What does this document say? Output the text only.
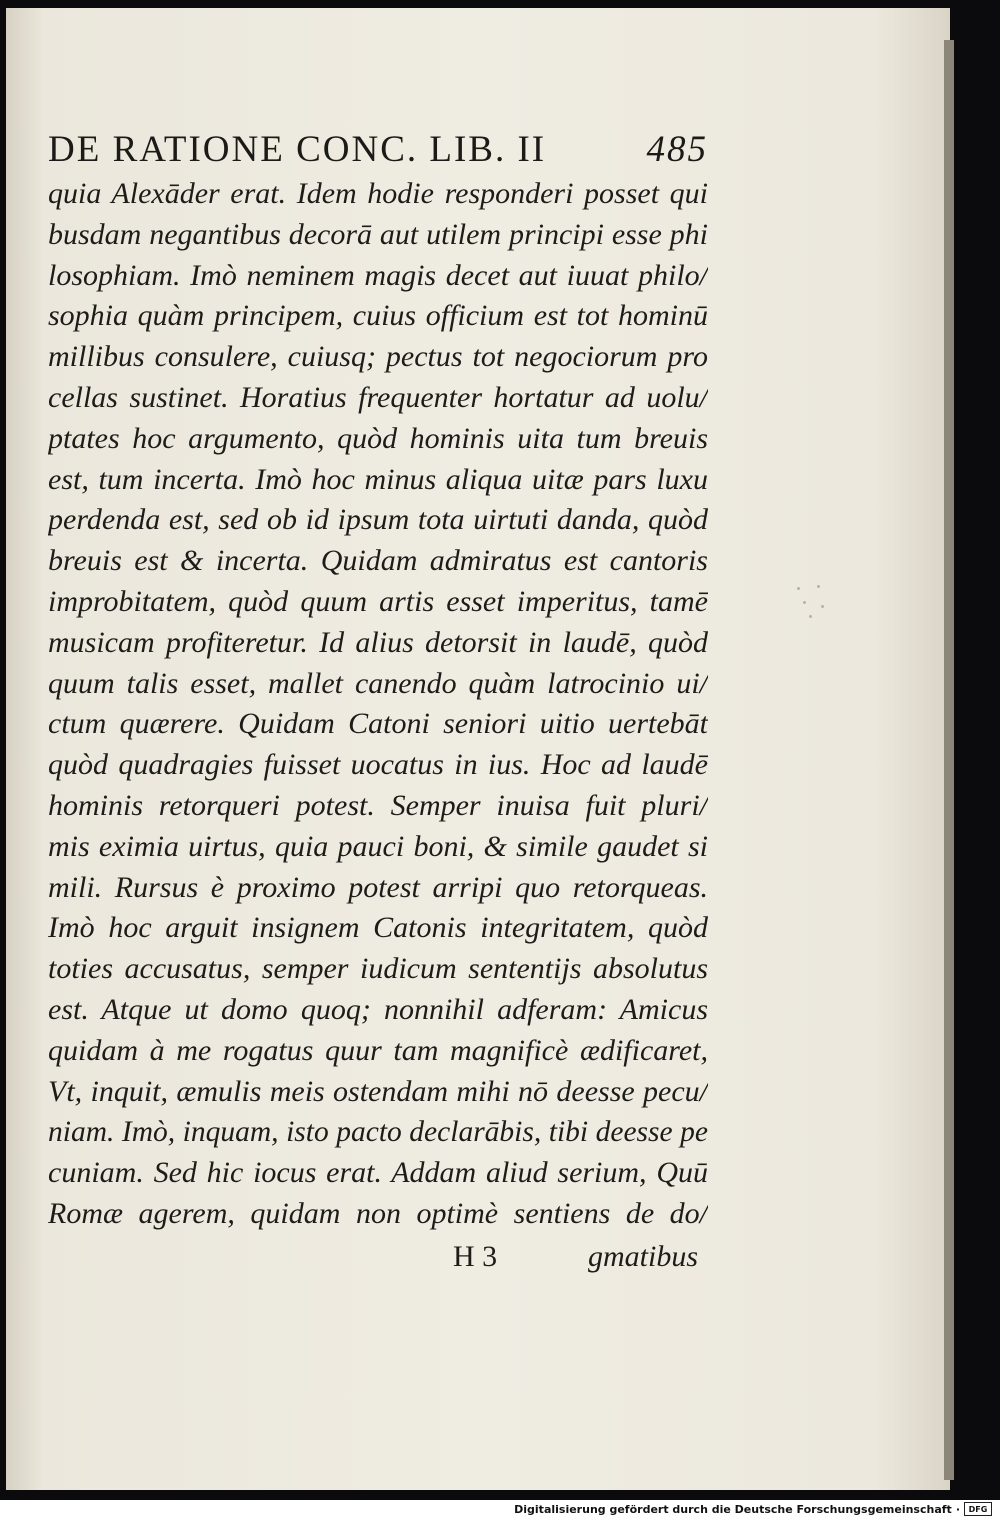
DE RATIONE CONC. LIB. II	485
quia Alexāder erat. Idem hodie responderi posset qui
busdam negantibus decorā aut utilem principi esse phi
losophiam. Imò neminem magis decet aut iuuat philo/
sophia quàm principem, cuius officium est tot hominū
millibus consulere, cuiusq; pectus tot negociorum pro
cellas sustinet. Horatius frequenter hortatur ad uolu/
ptates hoc argumento, quòd hominis uita tum breuis
est, tum incerta. Imò hoc minus aliqua uitæ pars luxu
perdenda est, sed ob id ipsum tota uirtuti danda, quòd
breuis est & incerta. Quidam admiratus est cantoris
improbitatem, quòd quum artis esset imperitus, tamē
musicam profiteretur. Id alius detorsit in laudē, quòd
quum talis esset, mallet canendo quàm latrocinio ui/
ctum quærere. Quidam Catoni seniori uitio uertebāt
quòd quadragies fuisset uocatus in ius. Hoc ad laudē
hominis retorqueri potest. Semper inuisa fuit pluri/
mis eximia uirtus, quia pauci boni, & simile gaudet si
mili. Rursus è proximo potest arripi quo retorqueas.
Imò hoc arguit insignem Catonis integritatem, quòd
toties accusatus, semper iudicum sententijs absolutus
est. Atque ut domo quoq; nonnihil adferam: Amicus
quidam à me rogatus quur tam magnificè ædificaret,
Vt, inquit, æmulis meis ostendam mihi nō deesse pecu/
niam. Imò, inquam, isto pacto declarābis, tibi deesse pe
cuniam. Sed hic iocus erat. Addam aliud serium, Quū
Romæ agerem, quidam non optimè sentiens de do/
H 3	gmatibus
Digitalisierung gefördert durch die Deutsche Forschungsgemeinschaft ·	DFG
